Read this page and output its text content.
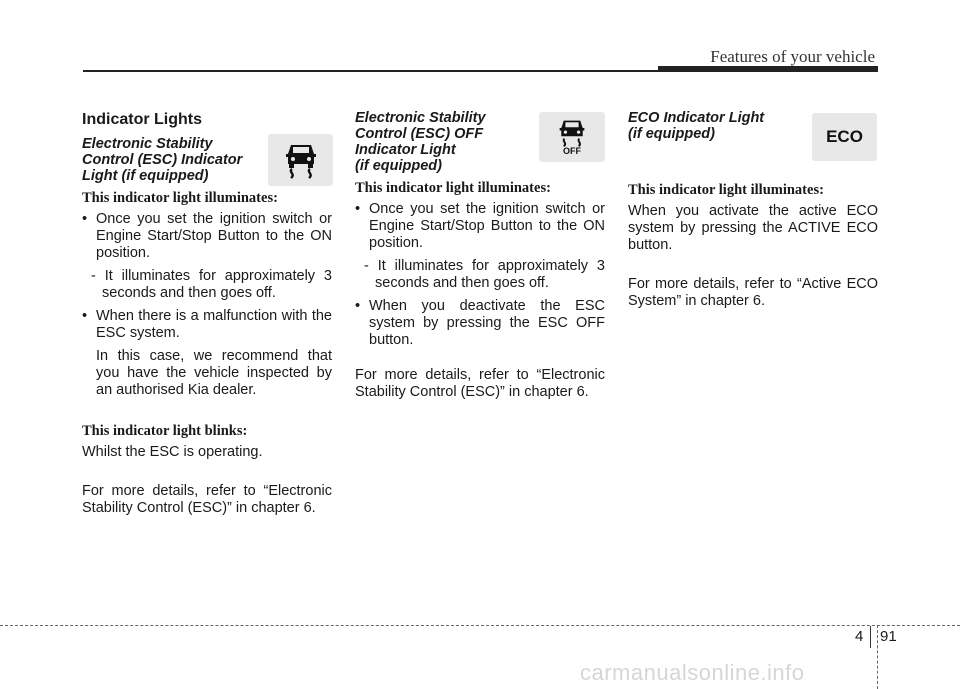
Features of your vehicle
Indicator Lights
Electronic Stability
Control (ESC) Indicator
Light (if equipped)
This indicator light illuminates:
• Once you set the ignition switch or Engine Start/Stop Button to the ON position.
- It illuminates for approximately 3 seconds and then goes off.
• When there is a malfunction with the ESC system.
In this case, we recommend that you have the vehicle inspected by an authorised Kia dealer.
This indicator light blinks:
Whilst the ESC is operating.
For more details, refer to “Electronic Stability Control (ESC)” in chapter 6.
Electronic Stability
Control (ESC) OFF
Indicator Light
(if equipped)
This indicator light illuminates:
• Once you set the ignition switch or Engine Start/Stop Button to the ON position.
- It illuminates for approximately 3 seconds and then goes off.
• When you deactivate the ESC system by pressing the ESC OFF button.
For more details, refer to “Electronic Stability Control (ESC)” in chapter 6.
OFF
ECO Indicator Light
(if equipped)
This indicator light illuminates:
When you activate the active ECO system by pressing the ACTIVE ECO button.
For more details, refer to “Active ECO System” in chapter 6.
ECO
4 91
carmanualsonline.info
